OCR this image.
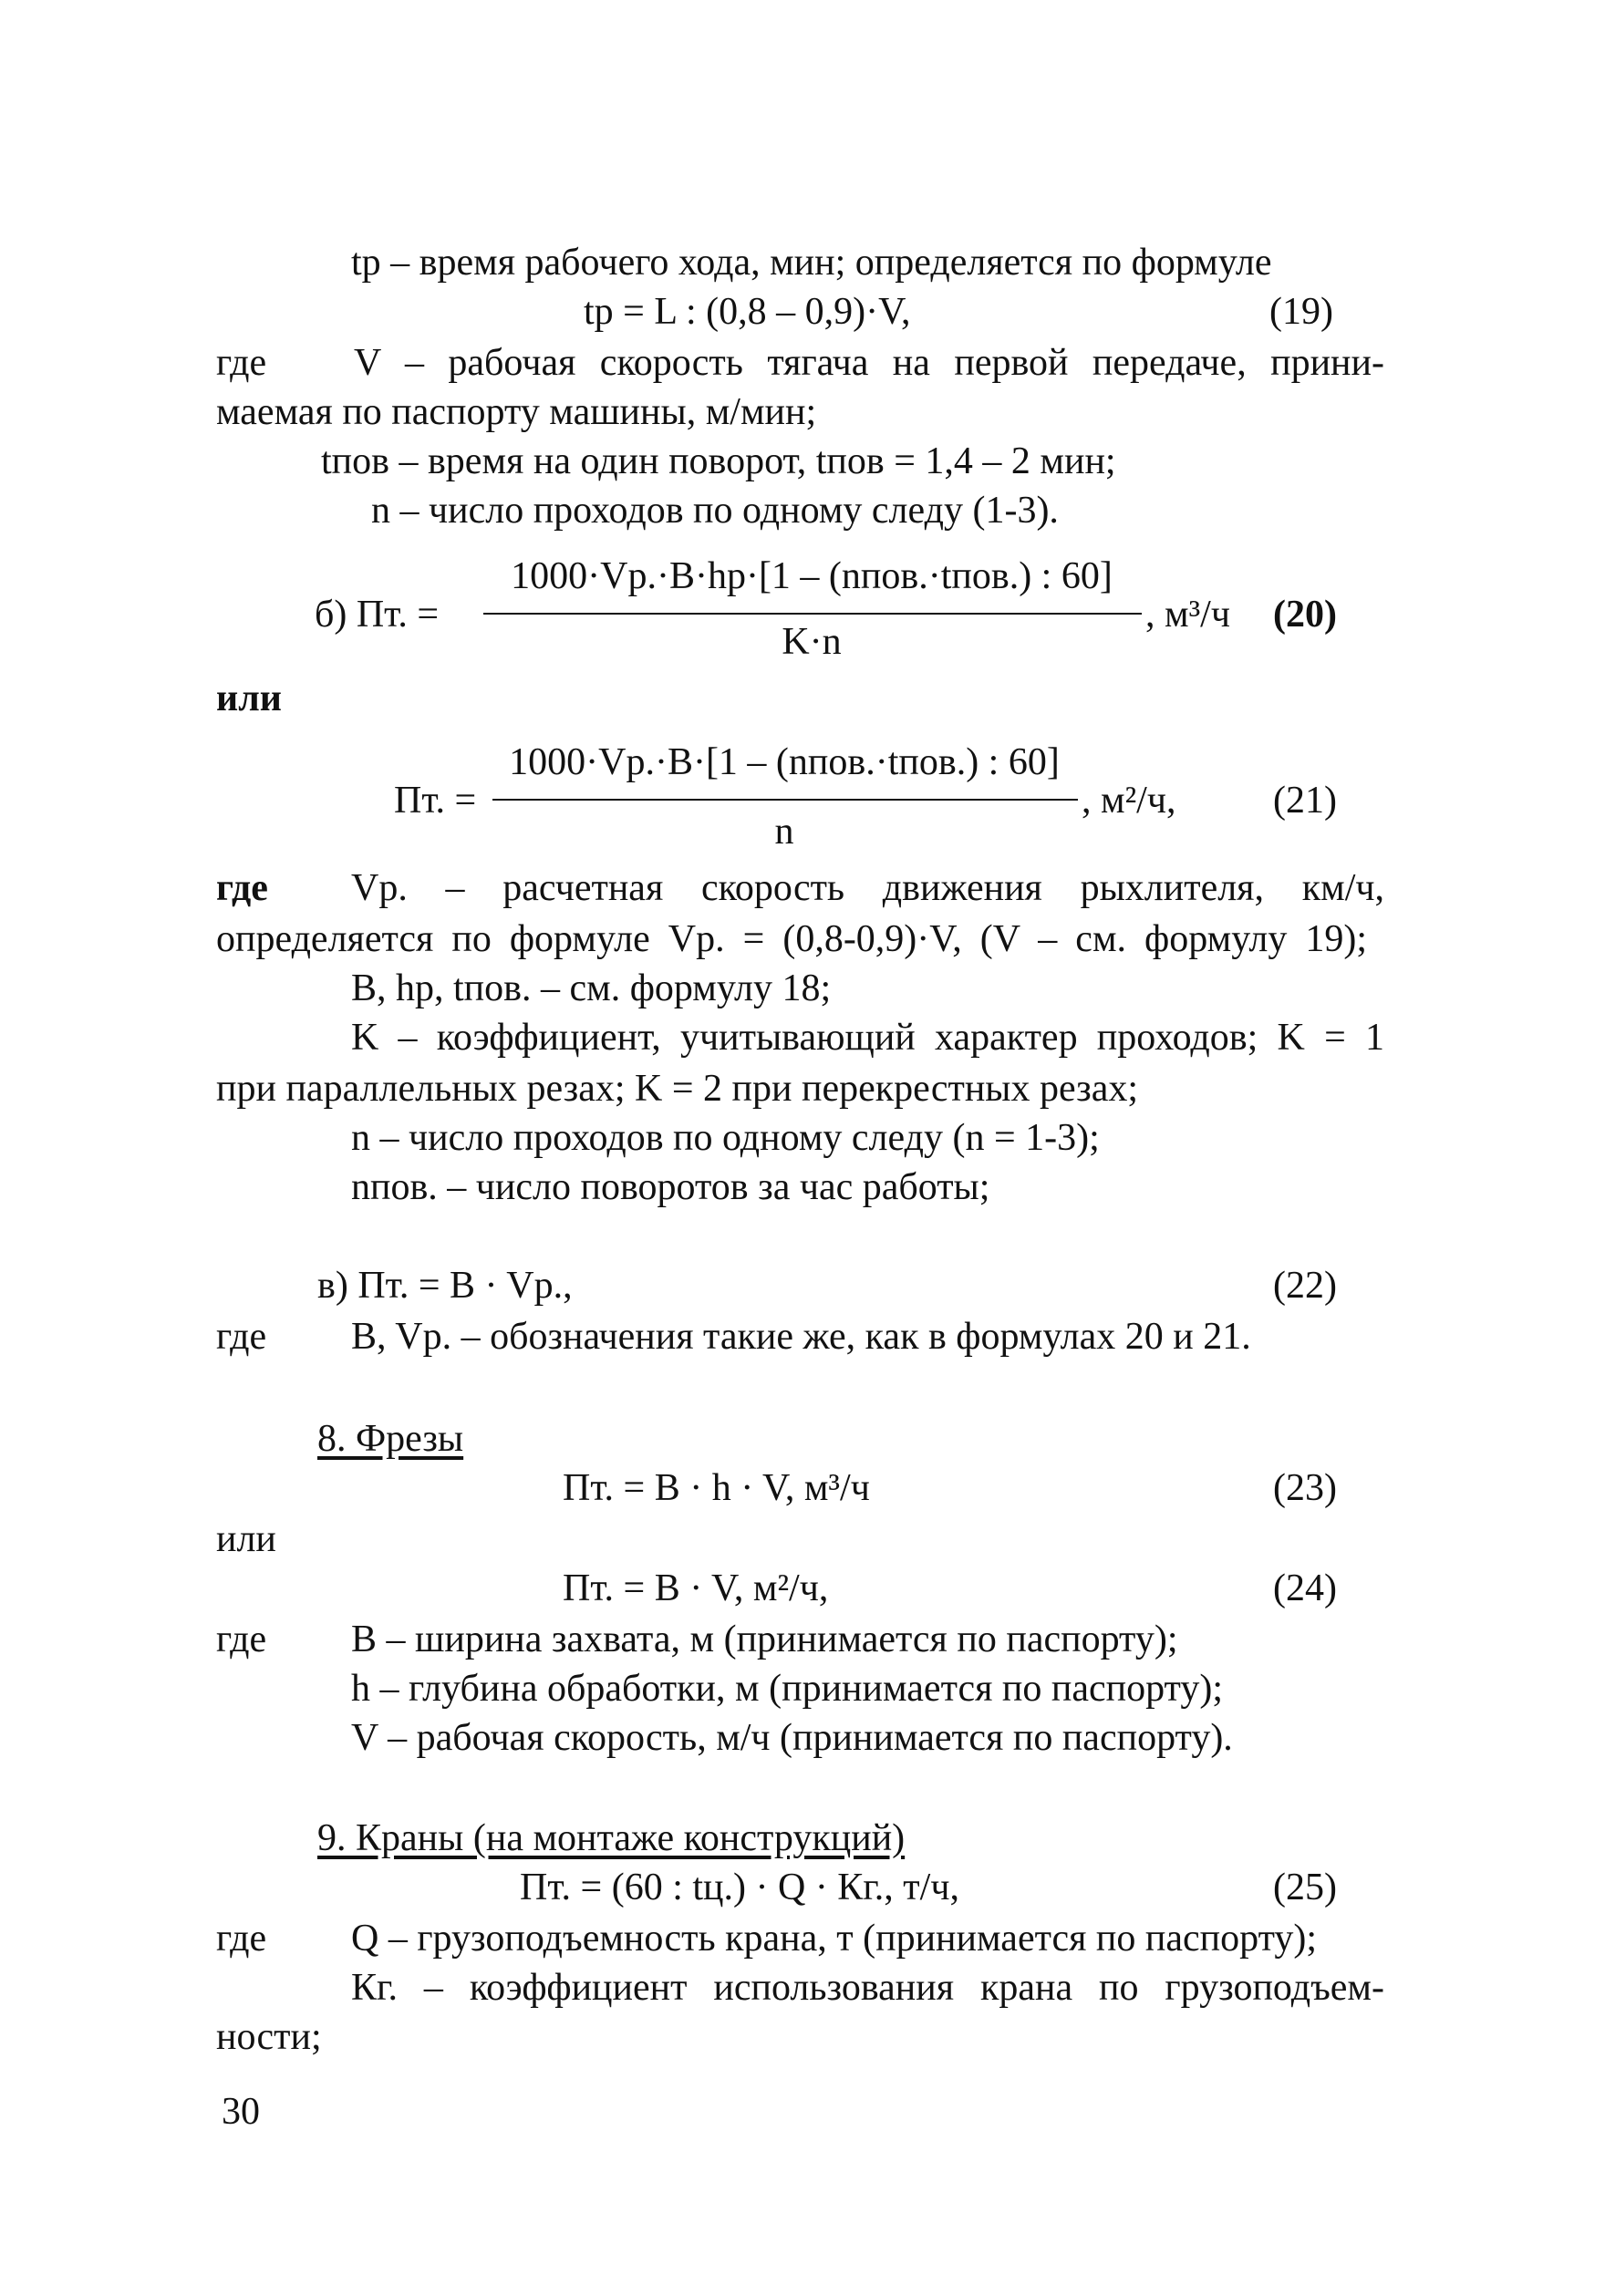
tp – время рабочего хода, мин; определяется по формуле
tp = L : (0,8 – 0,9)·V,	(19)
где V – рабочая скорость тягача на первой передаче, прини-
маемая по паспорту машины, м/мин;
tпов – время на один поворот, tпов = 1,4 – 2 мин;
n – число проходов по одному следу (1-3).
б) Пт. =
1000·Vp.·B·hp·[1 – (nпов.·tпов.) : 60]
K·n
, м³/ч (20)
или
Пт. =
1000·Vp.·B·[1 – (nпов.·tпов.) : 60]
n
, м²/ч,	(21)
где Vp. – расчетная скорость движения рыхлителя, км/ч,
определяется по формуле Vp. = (0,8-0,9)·V, (V – см. формулу 19);
B, hp, tпов. – см. формулу 18;
K – коэффициент, учитывающий характер проходов; K = 1
при параллельных резах; K = 2 при перекрестных резах;
n – число проходов по одному следу (n = 1-3);
nпов. – число поворотов за час работы;
в) Пт. = B · Vp.,	(22)
где B, Vp. – обозначения такие же, как в формулах 20 и 21.
8. Фрезы
Пт. = B · h · V, м³/ч	(23)
или
Пт. = B · V, м²/ч,	(24)
где B – ширина захвата, м (принимается по паспорту);
h – глубина обработки, м (принимается по паспорту);
V – рабочая скорость, м/ч (принимается по паспорту).
9. Краны (на монтаже конструкций)
Пт. = (60 : tц.) · Q · Кг., т/ч,	(25)
где Q – грузоподъемность крана, т (принимается по паспорту);
Кг. – коэффициент использования крана по грузоподъем-
ности;
30
